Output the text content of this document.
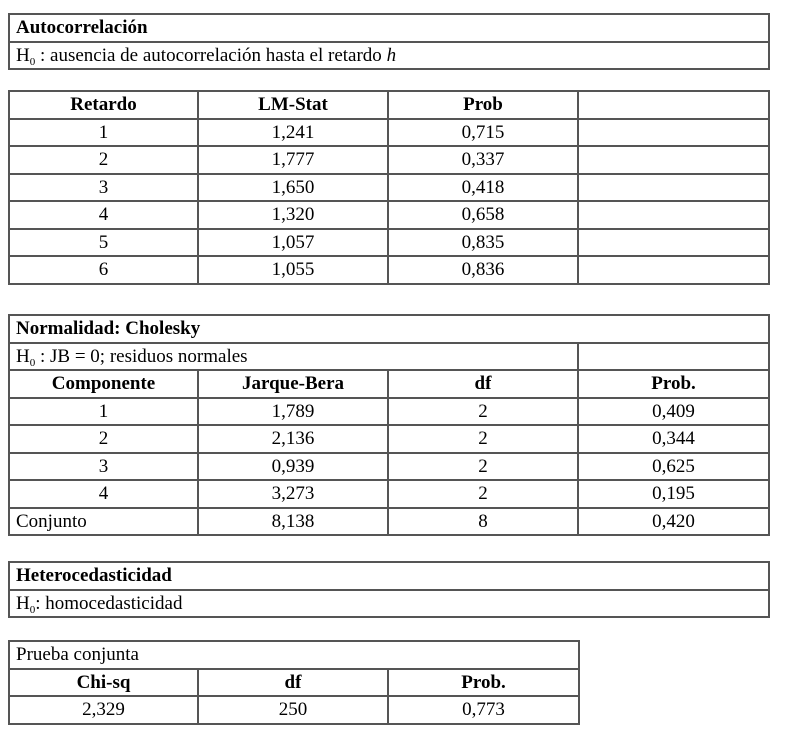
Autocorrelación
$H_0$ : ausencia de autocorrelación hasta el retardo h
Retardo	LM-Stat	Prob	
1	1,241	0,715	
2	1,777	0,337	
3	1,650	0,418	
4	1,320	0,658	
5	1,057	0,835	
6	1,055	0,836	
Normalidad: Cholesky			
$H_0$ : JB = 0; residuos normales			
Componente	Jarque-Bera	df	Prob.
1	1,789	2	0,409
2	2,136	2	0,344
3	0,939	2	0,625
4	3,273	2	0,195
Conjunto	8,138	8	0,420
Heterocedasticidad
$H_0$: homocedasticidad
Prueba conjunta		
Chi-sq	df	Prob.
2,329	250	0,773
